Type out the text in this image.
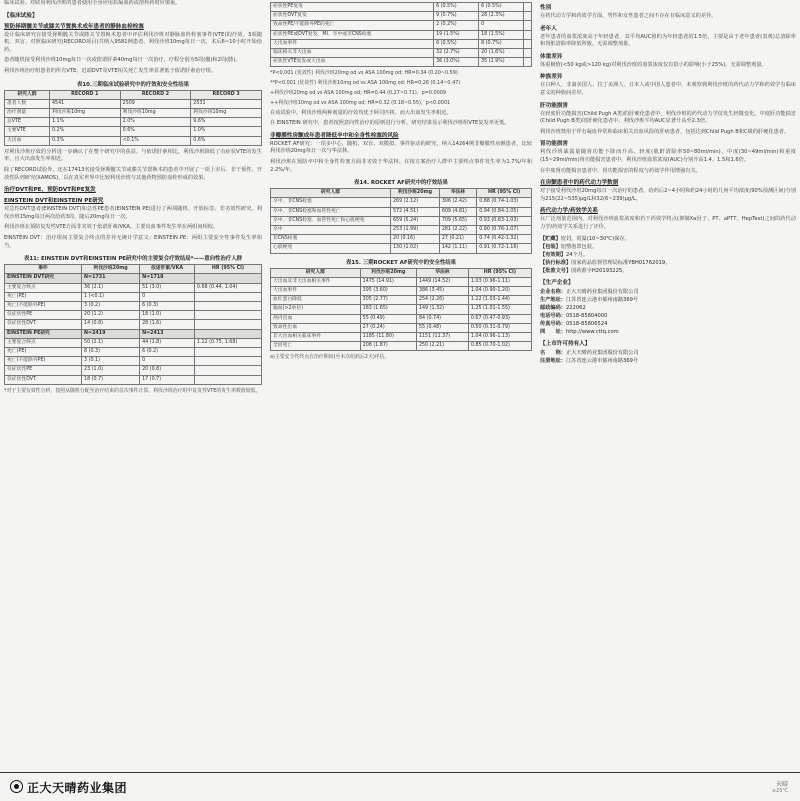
临床试验。对联用利伐沙班的患者使用全身应用抗凝血药或溶栓药时应慎重。

【临床试验】
预防择期髋关节或膝关节置换术成年患者的静脉血栓栓塞

设计临床研究在接受择期髋关节或膝关节置换术患者中评估利伐沙班对静脉血栓栓塞事件(VTE)的疗效。3项随机、双盲、对照临床研究(RECORD项目)共纳入9581例患者。利伐沙班10mg每日一次，术后6~10小时开始给药。

患者随机接受利伐沙班10mg每日一次或依诺肝素40mg每日一次治疗，疗程分别为5周(髋)和2周(膝)。

利伐沙班治疗组患者的所有VTE、近端DVT及VTE相关死亡发生率显著低于依诺肝素治疗组。

表10.三期临床试验研究中的疗效和安全性结果
研究人群	RECORD 1	RECORD 2	RECORD 3
患者人数	4541	2509	2531
治疗剂量	利伐沙班10mg	利伐沙班10mg	利伐沙班10mg
总VTE	1.1%	2.0%	9.6%
主要VTE	0.2%	0.6%	1.0%
大出血	0.3%	<0.1%	0.6%

对利伐沙班疗效的分析进一步确认了在整个研究中的获益。与依诺肝素相比，利伐沙班降低了有症状VTE的发生率，且大出血发生率相近。

除了RECORD试验外，还在17413名接受择期髋关节或膝关节置换术的患者中开展了一项上市后、非干预性、开放性队列研究(XAMOS)，以在真实世界中比较利伐沙班与其他药物预防血栓形成的效果。

治疗DVT和PE、预防DVT和PE复发
EINSTEIN DVT和EINSTEIN PE研究

对急性DVT患者(EINSTEIN DVT)和急性PE患者(EINSTEIN PE)进行了两项随机、开放标签、非劣效性研究。利伐沙班15mg每日两次给药3周，随后20mg每日一次。

利伐沙班在预防复发性VTE方面非劣效于依诺肝素/VKA。主要出血事件发生率在两组间相似。

EINSTEIN DVT：治疗组间主要复合终点的差异无统计学意义；EINSTEIN PE：两组主要安全性事件发生率相当。

表11: EINSTEIN DVT和EINSTEIN PE研究中的主要复合疗效结局*——意向性治疗人群
事件	利伐沙班20mg	依诺肝素/VKA	HR (95% CI)
EINSTEIN DVT研究	N=1731	N=1718	
主要复合终点	36 (2.1)	51 (3.0)	0.68 (0.44, 1.04)
死亡(PE)	1 (<0.1)	0	
死亡(不能除外PE)	3 (0.2)	6 (0.3)	
仅症状性PE	20 (1.2)	18 (1.0)	
仅症状性DVT	14 (0.8)	28 (1.6)	
EINSTEIN PE研究	N=2419	N=2413	
主要复合终点	50 (2.1)	44 (1.8)	1.12 (0.75, 1.68)
死亡(PE)	8 (0.3)	6 (0.2)	
死亡(不能除外PE)	3 (0.1)	0	
仅症状性PE	23 (1.0)	20 (0.8)	
仅症状性DVT	18 (0.7)	17 (0.7)	

*对于主要有效性分析，按照从随机分配至治疗结束的首次事件计算。利伐沙班治疗组中复发性VTE的发生率数值较低。

症状性PE复发	6 (0.5%)	6 (0.5%)	
症状性DVT复发	9 (0.7%)	28 (2.3%)	
致命性PE/不能除外PE的死亡	2 (0.2%)	0	
症状性PE或DVT复发、MI、卒中或非CNS栓塞	19 (1.5%)	18 (1.5%)	
大出血事件	6 (0.5%)	8 (0.7%)	
临床相关非大出血	32 (2.7%)	20 (1.6%)	
症状性VTE复发或大出血	36 (3.0%)	35 (2.9%)	

*P<0.001 (优效性) 利伐沙班20mg od vs ASA 100mg od; HR=0.34 (0.20~0.59)

**P<0.001 (优效性) 利伐沙班10mg od vs ASA 100mg od; HR=0.26 (0.14~0.47)

+利伐沙班20mg od vs ASA 100mg od; HR=0.44 (0.27~0.71)，p=0.0009

++利伐沙班10mg od vs ASA 100mg od; HR=0.32 (0.18~0.55)，p<0.0001

在该试验中，利伐沙班两种剂量的疗效均优于阿司匹林，而大出血发生率相近。

在 EINSTEIN 研究中，患者按照意向性治疗的原则进行分析。研究结果显示利伐沙班组VTE复发率更低。

非瓣膜性房颤成年患者降低卒中和全身性栓塞的风险

ROCKET AF研究：一项多中心、随机、双盲、双模拟、事件驱动的研究，纳入14264例非瓣膜性房颤患者，比较利伐沙班20mg每日一次与华法林。

利伐沙班在预防卒中和全身性栓塞方面非劣效于华法林。在按方案治疗人群中主要终点事件发生率为1.7%/年和2.2%/年。

表14. ROCKET AF研究中的疗效结果
研究人群	利伐沙班20mg	华法林	HR (95% CI)
卒中、非CNS栓塞	269 (2.12)	306 (2.42)	0.88 (0.74-1.03)
卒中、非CNS栓塞和血管性死亡	572 (4.51)	609 (4.81)	0.94 (0.84-1.05)
卒中、非CNS栓塞、血管性死亡和心肌梗死	659 (5.24)	709 (5.65)	0.93 (0.83-1.03)
卒中	253 (1.99)	281 (2.22)	0.90 (0.76-1.07)
非CNS栓塞	20 (0.16)	27 (0.21)	0.74 (0.42-1.32)
心肌梗死	130 (1.02)	142 (1.11)	0.91 (0.72-1.16)
表15. 三期ROCKET AF研究中的安全性结果
研究人群	利伐沙班20mg	华法林	HR (95% CI)
大出血及非大出血相关事件	1475 (14.91)	1449 (14.52)	1.03 (0.96-1.11)
大出血事件	395 (3.60)	386 (3.45)	1.04 (0.90-1.20)
血红蛋白降低	305 (2.77)	254 (2.26)	1.22 (1.03-1.44)
输血(>2单位)	183 (1.65)	149 (1.32)	1.25 (1.01-1.55)
颅内出血	55 (0.49)	84 (0.74)	0.67 (0.47-0.93)
致命性出血	27 (0.24)	55 (0.48)	0.50 (0.31-0.79)
非大出血相关临床事件	1185 (11.80)	1151 (11.37)	1.04 (0.96-1.13)
全因死亡	208 (1.87)	250 (2.21)	0.85 (0.70-1.02)

a)主要安全性终点在治疗期间(至末次给药后2天)评估。

性别

在药代动力学和药效学方面，男性和女性患者之间不存在有临床意义的差异。

老年人

老年患者的血浆浓度高于年轻患者，其平均AUC值约为年轻患者的1.5倍，主要是由于老年患者(表观)总清除率和肾脏清除率降低所致。无需调整剂量。

体重差异

体重极值(<50 kg或>120 kg)对利伐沙班的血浆浓度仅有很小的影响(小于25%)。无需调整剂量。

种族差异

在白种人、非裔美国人、拉丁美洲人、日本人或中国人患者中，未观察到利伐沙班的药代动力学和药效学有临床意义的种族间差异。

肝功能损害

在轻度肝功能损害(Child Pugh A类)的肝硬化患者中，利伐沙班的药代动力学仅发生轻微变化。中度肝功能损害(Child Pugh B类)的肝硬化患者中，利伐沙班平均AUC显著升高至2.3倍。

利伐沙班禁用于伴有凝血异常和临床相关出血风险的肝病患者，包括达到Child Pugh B和C级的肝硬化患者。

肾功能损害

利伐沙班暴露量随肾功能下降而升高。轻度(肌酐清除率50~80ml/min)、中度(30~49ml/min)和重度(15~29ml/min)肾功能损害患者中，利伐沙班血浆浓度(AUC)分别升高1.4、1.5和1.6倍。

在中度肾功能损害患者中，肾功能损害的程度与药效学作用增强有关。

在房颤患者中的药代动力学数据

对于接受利伐沙班20mg每日一次治疗的患者，给药后2~4小时和约24小时的几何平均浓度(90%预测区间)分别为215(22~535)μg/L和32(6~239)μg/L。

药代动力学/药效学关系

在广泛剂量范围内，对利伐沙班血浆浓度和若干药效学终点(抑制Xa因子、PT、aPTT、HepTest)之间的药代动力学/药效学关系进行了评价。

【贮藏】密封，常温(10~30℃)保存。

【包装】铝塑泡罩包装。

【有效期】24个月。

【执行标准】国家药品监督管理局标准YBH01762019。

【批准文号】国药准字H20193225。

【生产企业】

企业名称：正大天晴药业集团股份有限公司

生产地址：江苏省连云港市郁州南路369号

邮政编码：222062

电话号码：0518-85804000

传真号码：0518-85806524

网　　址：http://www.cttq.com

【上市许可持有人】

名　　称：正大天晴药业集团股份有限公司

注册地址：江苏省连云港市郁州南路369号

正大天晴药业集团	天晴
≥25℃
